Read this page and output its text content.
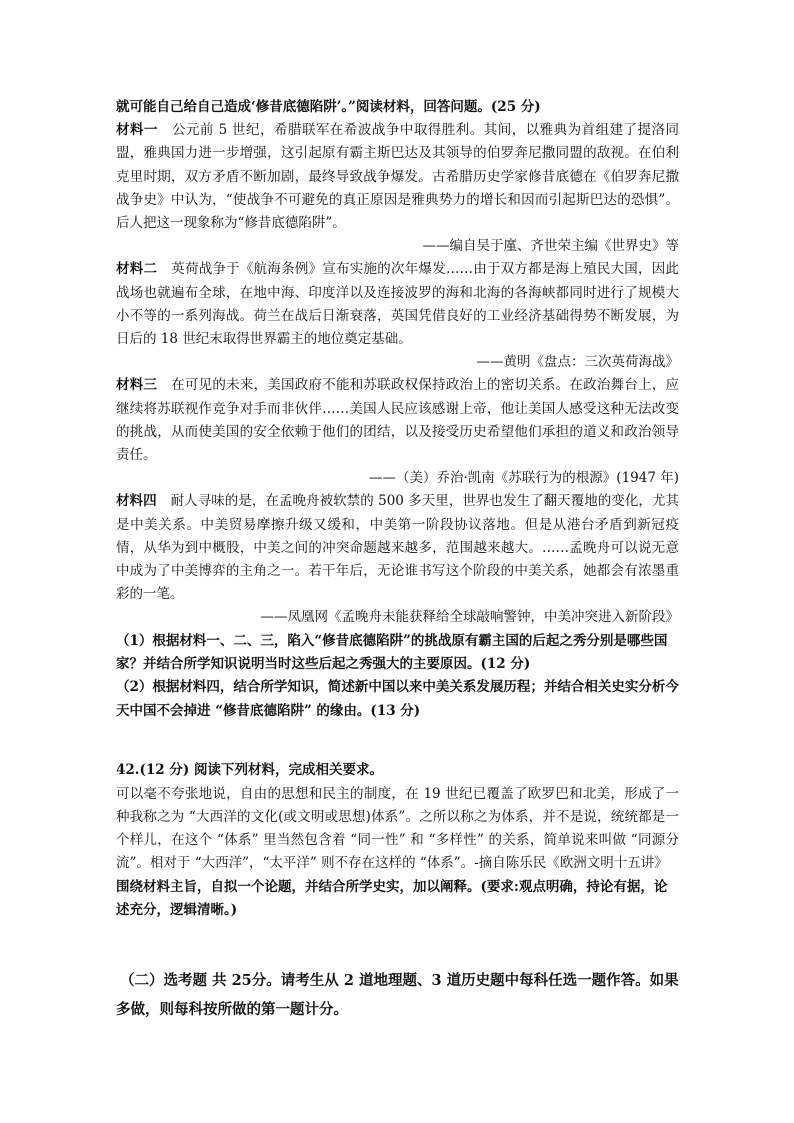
就可能自己给自己造成‘修昔底德陷阱’。”阅读材料，回答问题。(25 分)

材料一 公元前 5 世纪，希腊联军在希波战争中取得胜利。其间，以雅典为首组建了提洛同盟，雅典国力进一步增强，这引起原有霸主斯巴达及其领导的伯罗奔尼撒同盟的敌视。在伯利克里时期，双方矛盾不断加剧，最终导致战争爆发。古希腊历史学家修昔底德在《伯罗奔尼撒战争史》中认为，“使战争不可避免的真正原因是雅典势力的增长和因而引起斯巴达的恐惧”。后人把这一现象称为“修昔底德陷阱”。

——编自吴于廑、齐世荣主编《世界史》等

材料二 英荷战争于《航海条例》宣布实施的次年爆发……由于双方都是海上殖民大国，因此战场也就遍布全球，在地中海、印度洋以及连接波罗的海和北海的各海峡都同时进行了规模大小不等的一系列海战。荷兰在战后日渐衰落，英国凭借良好的工业经济基础得势不断发展，为日后的 18 世纪末取得世界霸主的地位奠定基础。

——黄明《盘点：三次英荷海战》

材料三 在可见的未来，美国政府不能和苏联政权保持政治上的密切关系。在政治舞台上，应继续将苏联视作竞争对手而非伙伴……美国人民应该感谢上帝，他让美国人感受这种无法改变的挑战，从而使美国的安全依赖于他们的团结，以及接受历史希望他们承担的道义和政治领导责任。

——（美）乔治·凯南《苏联行为的根源》(1947 年)

材料四 耐人寻味的是，在孟晚舟被软禁的 500 多天里，世界也发生了翻天覆地的变化，尤其是中美关系。中美贸易摩擦升级又缓和，中美第一阶段协议落地。但是从港台矛盾到新冠疫情，从华为到中概股，中美之间的冲突命题越来越多，范围越来越大。……孟晚舟可以说无意中成为了中美博弈的主角之一。若干年后，无论谁书写这个阶段的中美关系，她都会有浓墨重彩的一笔。

——凤凰网《孟晚舟未能获释给全球敲响警钟，中美冲突进入新阶段》

（1）根据材料一、二、三，陷入“修昔底德陷阱”的挑战原有霸主国的后起之秀分别是哪些国家？并结合所学知识说明当时这些后起之秀强大的主要原因。(12 分)

（2）根据材料四，结合所学知识，简述新中国以来中美关系发展历程；并结合相关史实分析今天中国不会掉进 “修昔底德陷阱” 的缘由。(13 分)

42.(12 分) 阅读下列材料，完成相关要求。

可以毫不夸张地说，自由的思想和民主的制度，在 19 世纪已覆盖了欧罗巴和北美，形成了一种我称之为 “大西洋的文化(或文明或思想)体系”。之所以称之为体系，并不是说，统统都是一个样儿，在这个 “体系” 里当然包含着 “同一性” 和 “多样性” 的关系，简单说来叫做 “同源分流”。相对于 “大西洋”，“太平洋” 则不存在这样的 “体系”。-摘自陈乐民《欧洲文明十五讲》

围绕材料主旨，自拟一个论题，并结合所学史实，加以阐释。(要求:观点明确，持论有据，论述充分，逻辑清晰。)

（二）选考题 共 25分。请考生从 2 道地理题、3 道历史题中每科任选一题作答。如果多做，则每科按所做的第一题计分。
